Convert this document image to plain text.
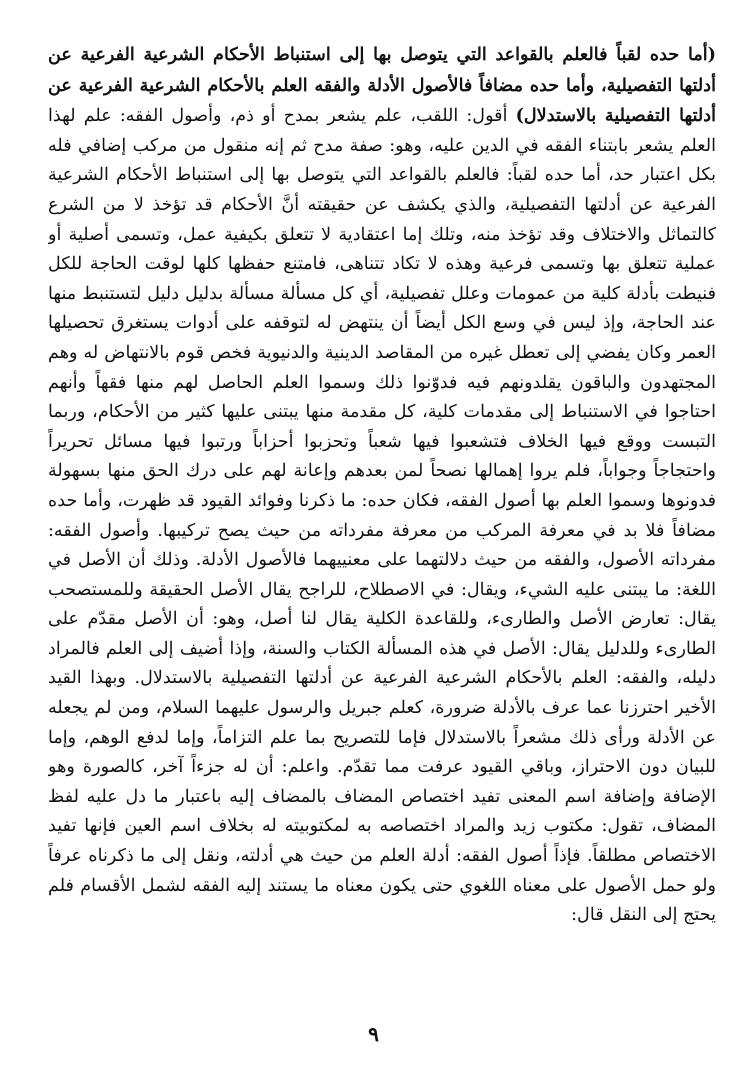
(أما حده لقباً فالعلم بالقواعد التي يتوصل بها إلى استنباط الأحكام الشرعية الفرعية عن أدلتها التفصيلية، وأما حده مضافاً فالأصول الأدلة والفقه العلم بالأحكام الشرعية الفرعية عن أدلتها التفصيلية بالاستدلال) أقول: اللقب، علم يشعر بمدح أو ذم، وأصول الفقه: علم لهذا العلم يشعر بابتناء الفقه في الدين عليه، وهو: صفة مدح ثم إنه منقول من مركب إضافي فله بكل اعتبار حد، أما حده لقباً: فالعلم بالقواعد التي يتوصل بها إلى استنباط الأحكام الشرعية الفرعية عن أدلتها التفصيلية، والذي يكشف عن حقيقته أنَّ الأحكام قد تؤخذ لا من الشرع كالتماثل والاختلاف وقد تؤخذ منه، وتلك إما اعتقادية لا تتعلق بكيفية عمل، وتسمى أصلية أو عملية تتعلق بها وتسمى فرعية وهذه لا تكاد تتناهى، فامتنع حفظها كلها لوقت الحاجة للكل فنيطت بأدلة كلية من عمومات وعلل تفصيلية، أي كل مسألة مسألة بدليل دليل لتستنبط منها عند الحاجة، وإذ ليس في وسع الكل أيضاً أن ينتهض له لتوقفه على أدوات يستغرق تحصيلها العمر وكان يفضي إلى تعطل غيره من المقاصد الدينية والدنيوية فخص قوم بالانتهاض له وهم المجتهدون والباقون يقلدونهم فيه فدوّنوا ذلك وسموا العلم الحاصل لهم منها فقهاً وأنهم احتاجوا في الاستنباط إلى مقدمات كلية، كل مقدمة منها يبتنى عليها كثير من الأحكام، وربما التبست ووقع فيها الخلاف فتشعبوا فيها شعباً وتحزبوا أحزاباً ورتبوا فيها مسائل تحريراً واحتجاجاً وجواباً، فلم يروا إهمالها نصحاً لمن بعدهم وإعانة لهم على درك الحق منها بسهولة فدونوها وسموا العلم بها أصول الفقه، فكان حده: ما ذكرنا وفوائد القيود قد ظهرت، وأما حده مضافاً فلا بد في معرفة المركب من معرفة مفرداته من حيث يصح تركيبها. وأصول الفقه: مفرداته الأصول، والفقه من حيث دلالتهما على معنييهما فالأصول الأدلة. وذلك أن الأصل في اللغة: ما يبتنى عليه الشيء، ويقال: في الاصطلاح، للراجح يقال الأصل الحقيقة وللمستصحب يقال: تعارض الأصل والطارىء، وللقاعدة الكلية يقال لنا أصل، وهو: أن الأصل مقدّم على الطارىء وللدليل يقال: الأصل في هذه المسألة الكتاب والسنة، وإذا أضيف إلى العلم فالمراد دليله، والفقه: العلم بالأحكام الشرعية الفرعية عن أدلتها التفصيلية بالاستدلال. وبهذا القيد الأخير احترزنا عما عرف بالأدلة ضرورة، كعلم جبريل والرسول عليهما السلام، ومن لم يجعله عن الأدلة ورأى ذلك مشعراً بالاستدلال فإما للتصريح بما علم التزاماً، وإما لدفع الوهم، وإما للبيان دون الاحتراز، وباقي القيود عرفت مما تقدّم. واعلم: أن له جزءاً آخر، كالصورة وهو الإضافة وإضافة اسم المعنى تفيد اختصاص المضاف بالمضاف إليه باعتبار ما دل عليه لفظ المضاف، تقول: مكتوب زيد والمراد اختصاصه به لمكتوبيته له بخلاف اسم العين فإنها تفيد الاختصاص مطلقاً. فإذاً أصول الفقه: أدلة العلم من حيث هي أدلته، ونقل إلى ما ذكرناه عرفاً ولو حمل الأصول على معناه اللغوي حتى يكون معناه ما يستند إليه الفقه لشمل الأقسام فلم يحتج إلى النقل قال:

٩
